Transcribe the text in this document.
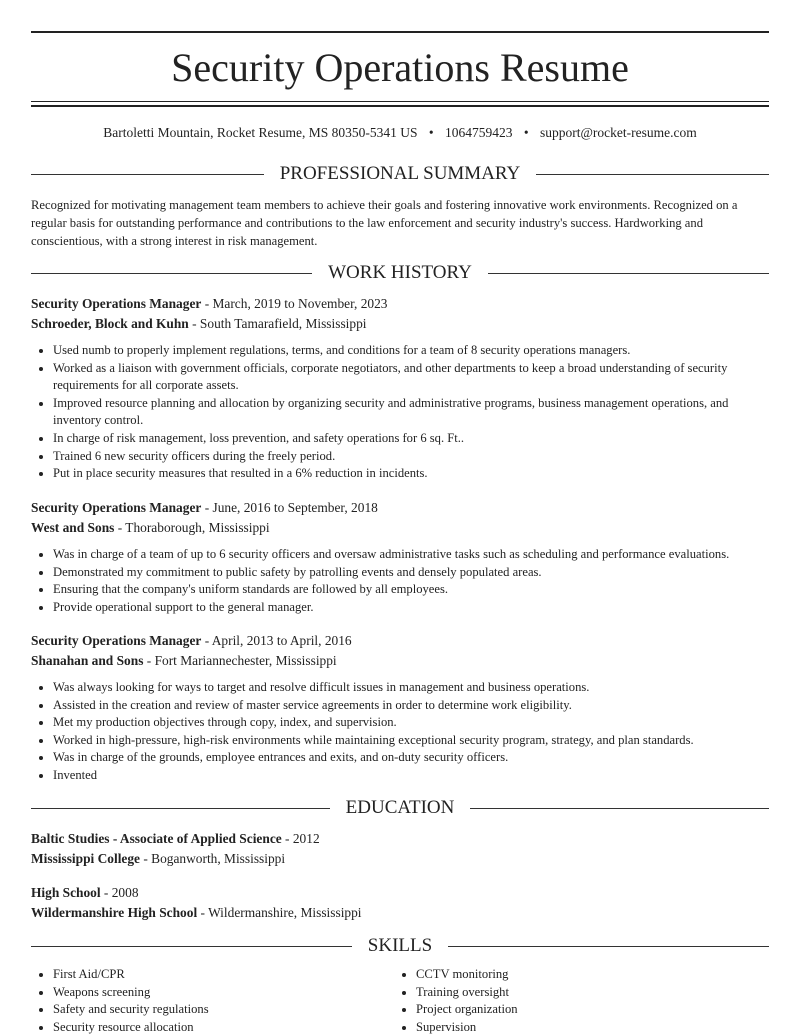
Security Operations Resume
Bartoletti Mountain, Rocket Resume, MS 80350-5341 US • 1064759423 • support@rocket-resume.com
PROFESSIONAL SUMMARY

Recognized for motivating management team members to achieve their goals and fostering innovative work environments. Recognized on a regular basis for outstanding performance and contributions to the law enforcement and security industry's success. Hardworking and conscientious, with a strong interest in risk management.

WORK HISTORY
Security Operations Manager - March, 2019 to November, 2023
Schroeder, Block and Kuhn - South Tamarafield, Mississippi
• Used numb to properly implement regulations, terms, and conditions for a team of 8 security operations managers.
• Worked as a liaison with government officials, corporate negotiators, and other departments to keep a broad understanding of security requirements for all corporate assets.
• Improved resource planning and allocation by organizing security and administrative programs, business management operations, and inventory control.
• In charge of risk management, loss prevention, and safety operations for 6 sq. Ft..
• Trained 6 new security officers during the freely period.
• Put in place security measures that resulted in a 6% reduction in incidents.
Security Operations Manager - June, 2016 to September, 2018
West and Sons - Thoraborough, Mississippi
• Was in charge of a team of up to 6 security officers and oversaw administrative tasks such as scheduling and performance evaluations.
• Demonstrated my commitment to public safety by patrolling events and densely populated areas.
• Ensuring that the company's uniform standards are followed by all employees.
• Provide operational support to the general manager.
Security Operations Manager - April, 2013 to April, 2016
Shanahan and Sons - Fort Mariannechester, Mississippi
• Was always looking for ways to target and resolve difficult issues in management and business operations.
• Assisted in the creation and review of master service agreements in order to determine work eligibility.
• Met my production objectives through copy, index, and supervision.
• Worked in high-pressure, high-risk environments while maintaining exceptional security program, strategy, and plan standards.
• Was in charge of the grounds, employee entrances and exits, and on-duty security officers.
• Invented
EDUCATION
Baltic Studies - Associate of Applied Science - 2012
Mississippi College - Boganworth, Mississippi
High School - 2008
Wildermanshire High School - Wildermanshire, Mississippi
SKILLS
• First Aid/CPR
• Weapons screening
• Safety and security regulations
• Security resource allocation
• CCTV monitoring
• Training oversight
• Project organization
• Supervision
